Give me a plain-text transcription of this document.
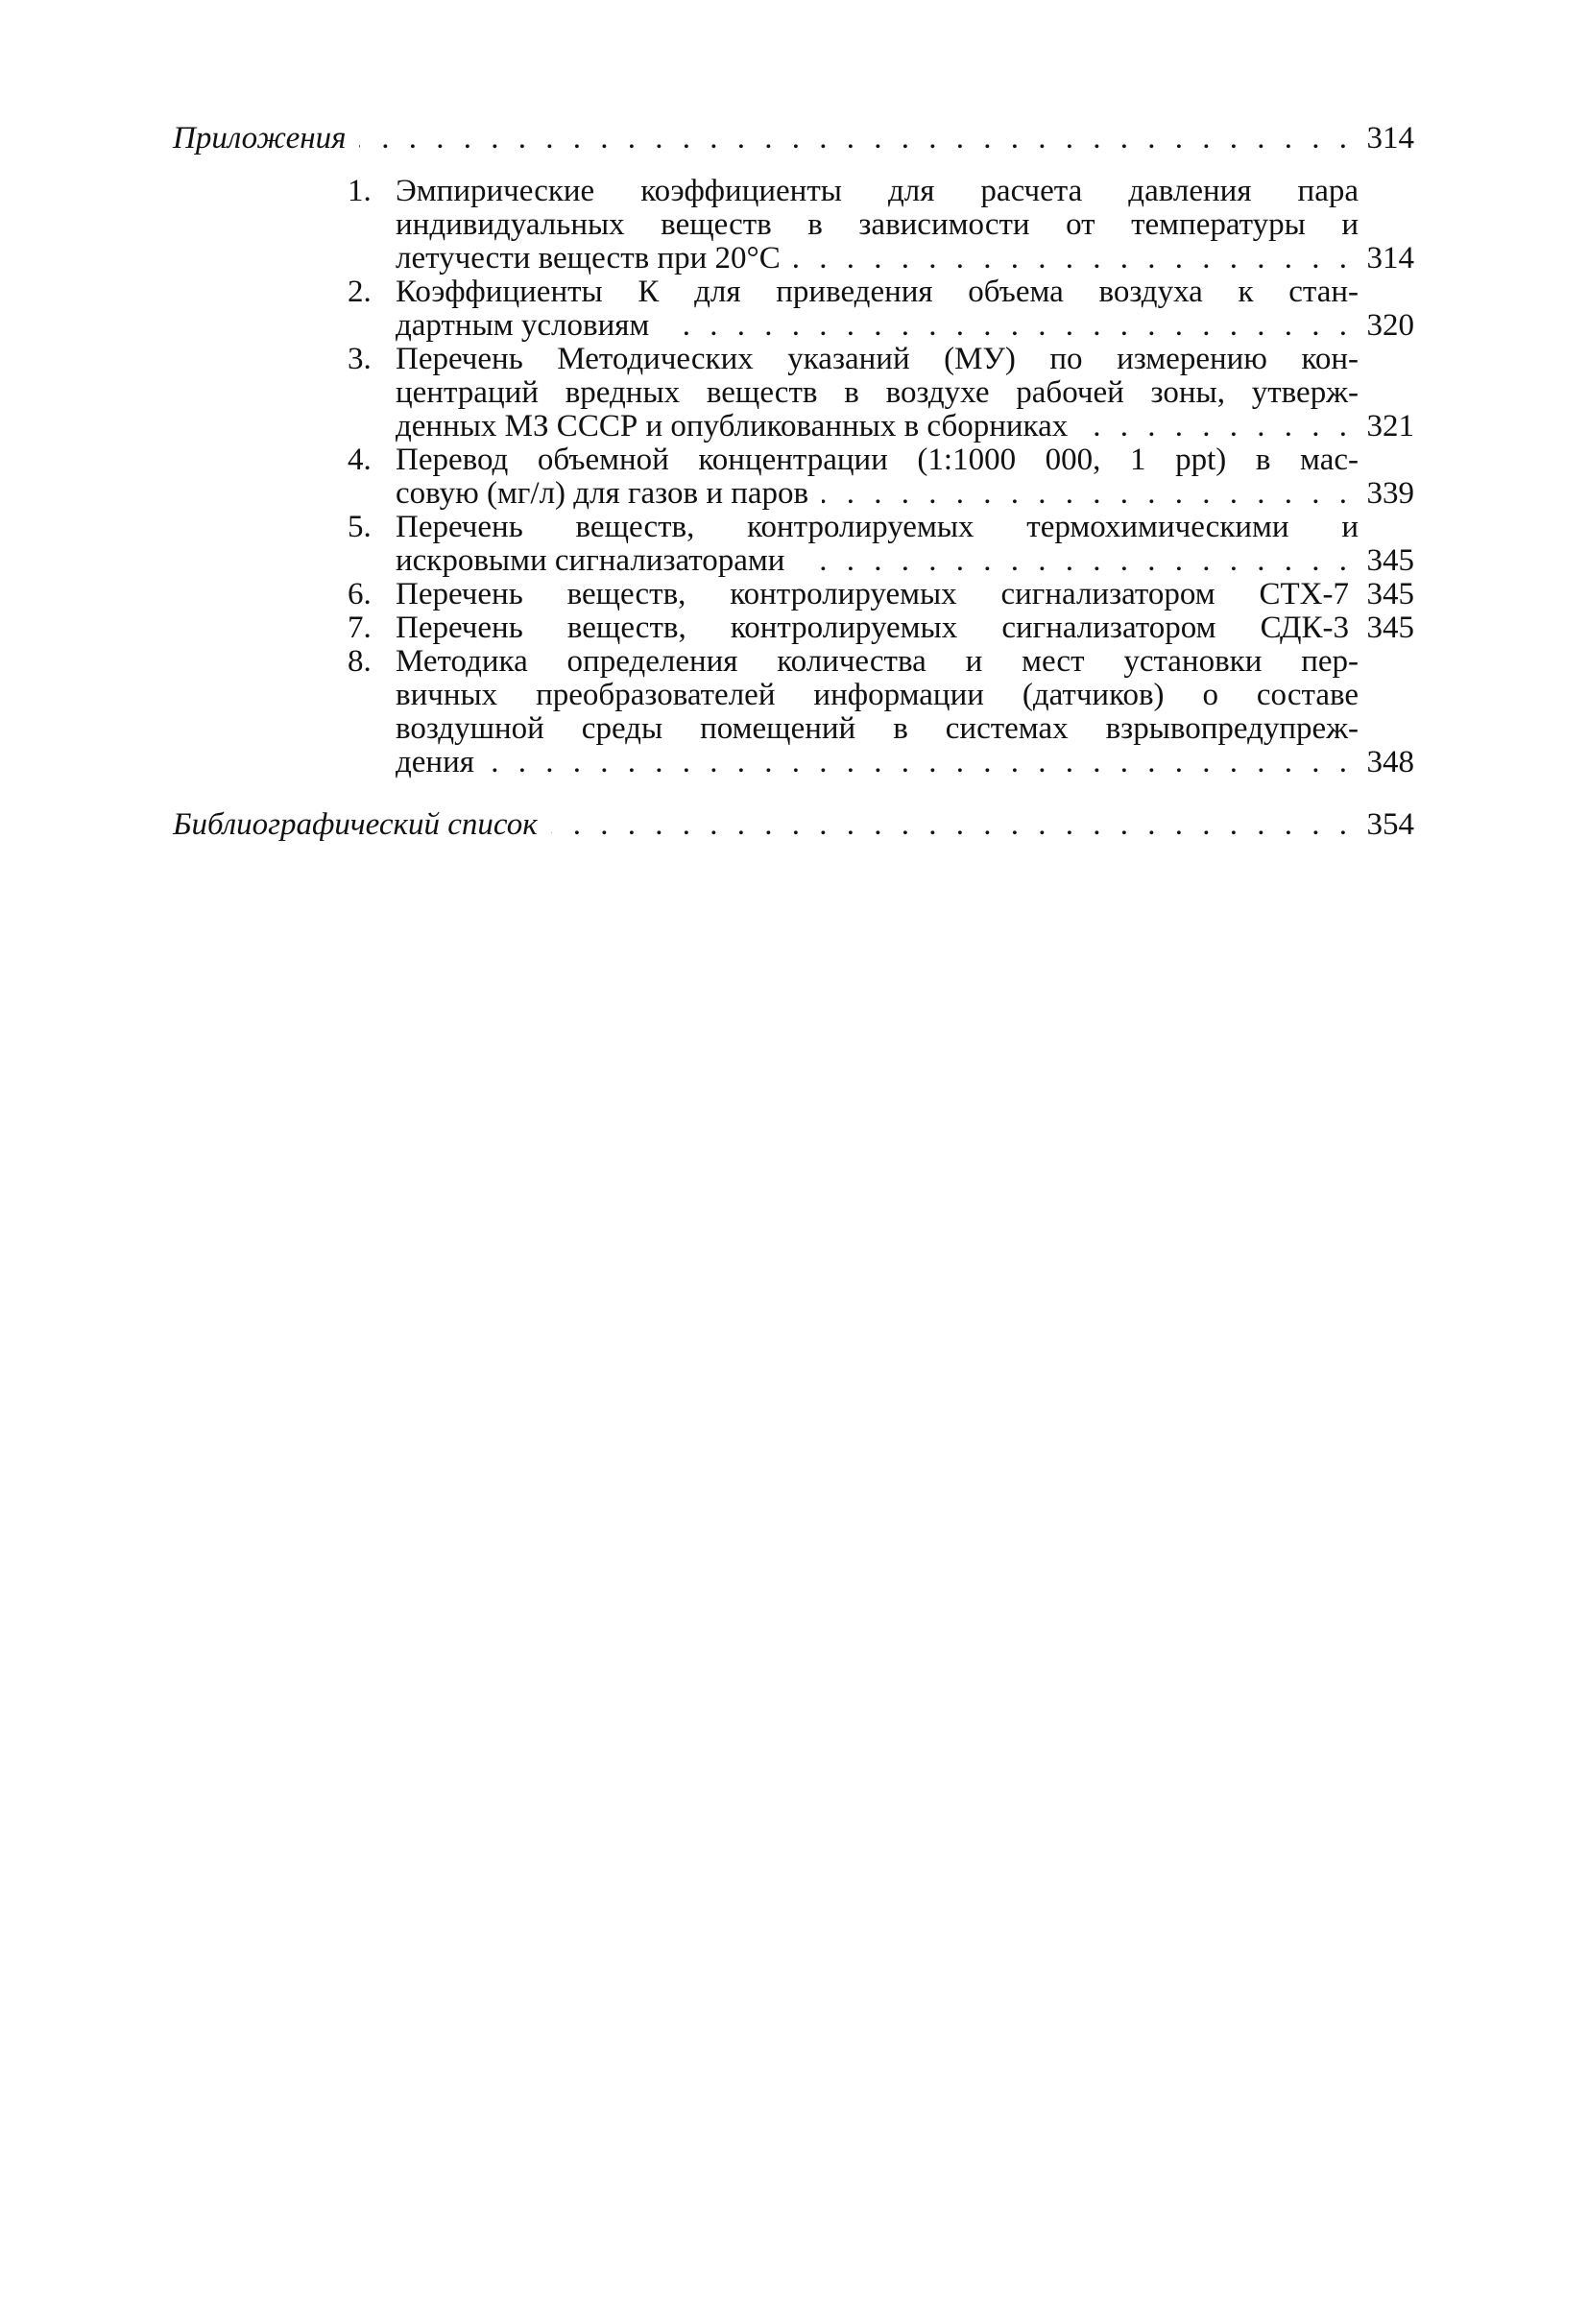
Приложения . . .	314
1. Эмпирические коэффициенты для расчета давления пара
индивидуальных веществ в зависимости от температуры и
летучести веществ при 20°C . . .	314
2. Коэффициенты К для приведения объема воздуха к стан-
дартным условиям . . .	320
3. Перечень Методических указаний (МУ) по измерению кон-
центраций вредных веществ в воздухе рабочей зоны, утверж-
денных МЗ СССР и опубликованных в сборниках . . .	321
4. Перевод объемной концентрации (1:1000 000, 1 ppt) в мас-
совую (мг/л) для газов и паров . . .	339
5. Перечень веществ, контролируемых термохимическими и
искровыми сигнализаторами . . .	345
6. Перечень веществ, контролируемых сигнализатором СТХ-7 345
7. Перечень веществ, контролируемых сигнализатором СДК-3 345
8. Методика определения количества и мест установки пер-
вичных преобразователей информации (датчиков) о составе
воздушной среды помещений в системах взрывопредупреж-
дения . . .	348
Библиографический список . . .	354
